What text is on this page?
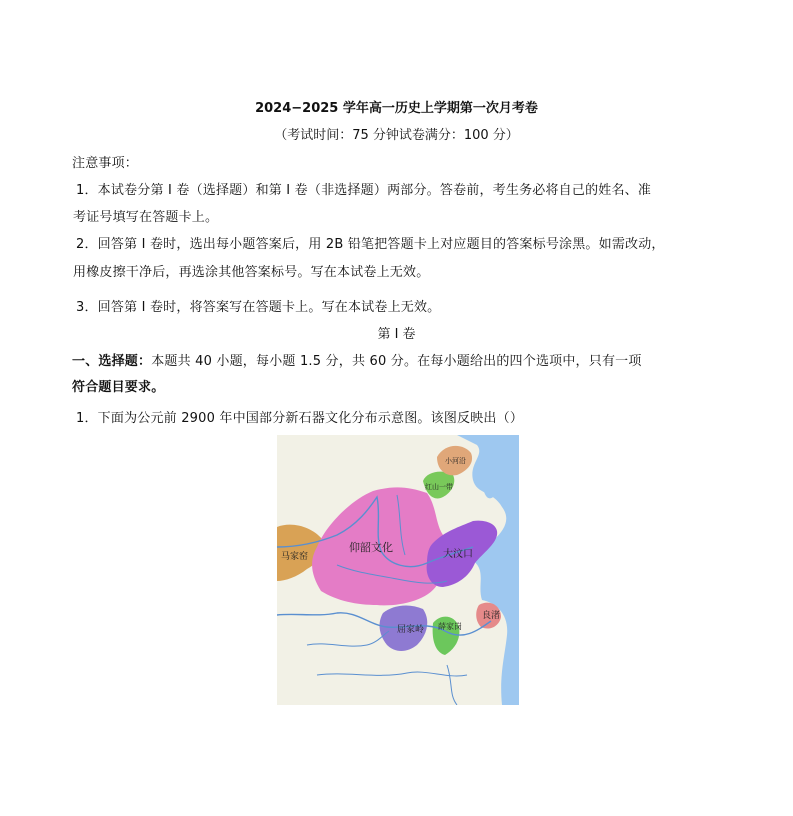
2024−2025 学年高一历史上学期第一次月考卷
（考试时间：75 分钟试卷满分：100 分）
注意事项：
1．本试卷分第 I 卷（选择题）和第 I 卷（非选择题）两部分。答卷前，考生务必将自己的姓名、准
考证号填写在答题卡上。
2．回答第 I 卷时，选出每小题答案后，用 2B 铅笔把答题卡上对应题目的答案标号涂黑。如需改动，
用橡皮擦干净后，再选涂其他答案标号。写在本试卷上无效。
3．回答第 I 卷时，将答案写在答题卡上。写在本试卷上无效。
第 I 卷
一、选择题：本题共 40 小题，每小题 1.5 分，共 60 分。在每小题给出的四个选项中，只有一项
符合题目要求。
1．下面为公元前 2900 年中国部分新石器文化分布示意图。该图反映出（）
仰韶文化
大汶口
马家窑
屈家岭 薛家岗
良渚
小河沿
红山一带
